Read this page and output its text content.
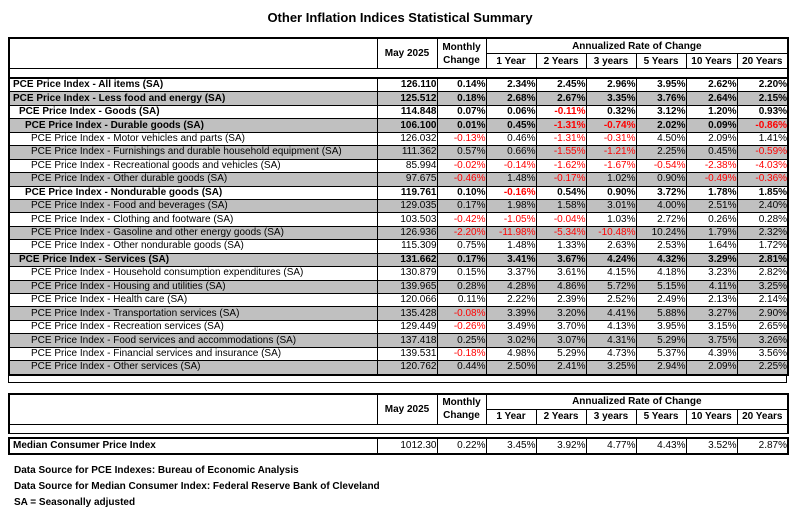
Other Inflation Indices Statistical Summary
	May 2025	Monthly
Change	Annualized Rate of Change					
			1 Year	2 Years	3 years	5 Years	10 Years	20 Years

PCE Price Index - All items (SA)	126.110	0.14%	2.34%	2.45%	2.96%	3.95%	2.62%	2.20%
PCE Price Index - Less food and energy (SA)	125.512	0.18%	2.68%	2.67%	3.35%	3.76%	2.64%	2.15%
PCE Price Index - Goods (SA)	114.848	0.07%	0.06%	-0.11%	0.32%	3.12%	1.20%	0.93%
PCE Price Index - Durable goods (SA)	106.100	0.01%	0.45%	-1.31%	-0.74%	2.02%	0.09%	-0.86%
PCE Price Index - Motor vehicles and parts (SA)	126.032	-0.13%	0.46%	-1.31%	-0.31%	4.50%	2.09%	1.41%
PCE Price Index - Furnishings and durable household equipment (SA)	111.362	0.57%	0.66%	-1.55%	-1.21%	2.25%	0.45%	-0.59%
PCE Price Index - Recreational goods and vehicles (SA)	85.994	-0.02%	-0.14%	-1.62%	-1.67%	-0.54%	-2.38%	-4.03%
PCE Price Index - Other durable goods (SA)	97.675	-0.46%	1.48%	-0.17%	1.02%	0.90%	-0.49%	-0.36%
PCE Price Index - Nondurable goods (SA)	119.761	0.10%	-0.16%	0.54%	0.90%	3.72%	1.78%	1.85%
PCE Price Index - Food and beverages (SA)	129.035	0.17%	1.98%	1.58%	3.01%	4.00%	2.51%	2.40%
PCE Price Index - Clothing and footware (SA)	103.503	-0.42%	-1.05%	-0.04%	1.03%	2.72%	0.26%	0.28%
PCE Price Index - Gasoline and other energy goods (SA)	126.936	-2.20%	-11.98%	-5.34%	-10.48%	10.24%	1.79%	2.32%
PCE Price Index - Other nondurable goods (SA)	115.309	0.75%	1.48%	1.33%	2.63%	2.53%	1.64%	1.72%
PCE Price Index - Services (SA)	131.662	0.17%	3.41%	3.67%	4.24%	4.32%	3.29%	2.81%
PCE Price Index - Household consumption expenditures (SA)	130.879	0.15%	3.37%	3.61%	4.15%	4.18%	3.23%	2.82%
PCE Price Index - Housing and utilities (SA)	139.965	0.28%	4.28%	4.86%	5.72%	5.15%	4.11%	3.25%
PCE Price Index - Health care (SA)	120.066	0.11%	2.22%	2.39%	2.52%	2.49%	2.13%	2.14%
PCE Price Index - Transportation services (SA)	135.428	-0.08%	3.39%	3.20%	4.41%	5.88%	3.27%	2.90%
PCE Price Index - Recreation services (SA)	129.449	-0.26%	3.49%	3.70%	4.13%	3.95%	3.15%	2.65%
PCE Price Index - Food services and accommodations (SA)	137.418	0.25%	3.02%	3.07%	4.31%	5.29%	3.75%	3.26%
PCE Price Index - Financial services and insurance (SA)	139.531	-0.18%	4.98%	5.29%	4.73%	5.37%	4.39%	3.56%
PCE Price Index - Other services (SA)	120.762	0.44%	2.50%	2.41%	3.25%	2.94%	2.09%	2.25%
	May 2025	Monthly
Change	Annualized Rate of Change					
			1 Year	2 Years	3 years	5 Years	10 Years	20 Years

Median Consumer Price Index	1012.30	0.22%	3.45%	3.92%	4.77%	4.43%	3.52%	2.87%
Data Source for PCE Indexes: Bureau of Economic Analysis
Data Source for Median Consumer Index: Federal Reserve Bank of Cleveland
SA = Seasonally adjusted
